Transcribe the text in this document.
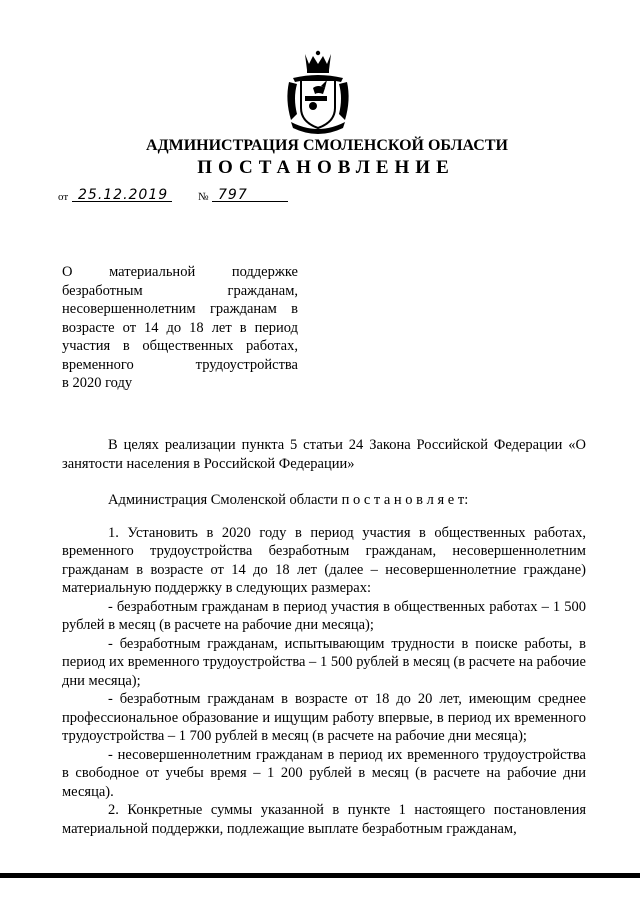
АДМИНИСТРАЦИЯ СМОЛЕНСКОЙ ОБЛАСТИ
ПОСТАНОВЛЕНИЕ
от 25.12.2019	№ 797
О материальной поддержке
безработным гражданам,
несовершеннолетним гражданам в
возрасте от 14 до 18 лет в период
участия в общественных работах,
временного трудоустройства
в 2020 году

В целях реализации пункта 5 статьи 24 Закона Российской Федерации «О занятости населения в Российской Федерации»

Администрация Смоленской области п о с т а н о в л я е т:

1. Установить в 2020 году в период участия в общественных работах, временного трудоустройства безработным гражданам, несовершеннолетним гражданам в возрасте от 14 до 18 лет (далее – несовершеннолетние граждане) материальную поддержку в следующих размерах:

- безработным гражданам в период участия в общественных работах – 1 500 рублей в месяц (в расчете на рабочие дни месяца);

- безработным гражданам, испытывающим трудности в поиске работы, в период их временного трудоустройства – 1 500 рублей в месяц (в расчете на рабочие дни месяца);

- безработным гражданам в возрасте от 18 до 20 лет, имеющим среднее профессиональное образование и ищущим работу впервые, в период их временного трудоустройства – 1 700 рублей в месяц (в расчете на рабочие дни месяца);

- несовершеннолетним гражданам в период их временного трудоустройства в свободное от учебы время – 1 200 рублей в месяц (в расчете на рабочие дни месяца).

2. Конкретные суммы указанной в пункте 1 настоящего постановления материальной поддержки, подлежащие выплате безработным гражданам,
